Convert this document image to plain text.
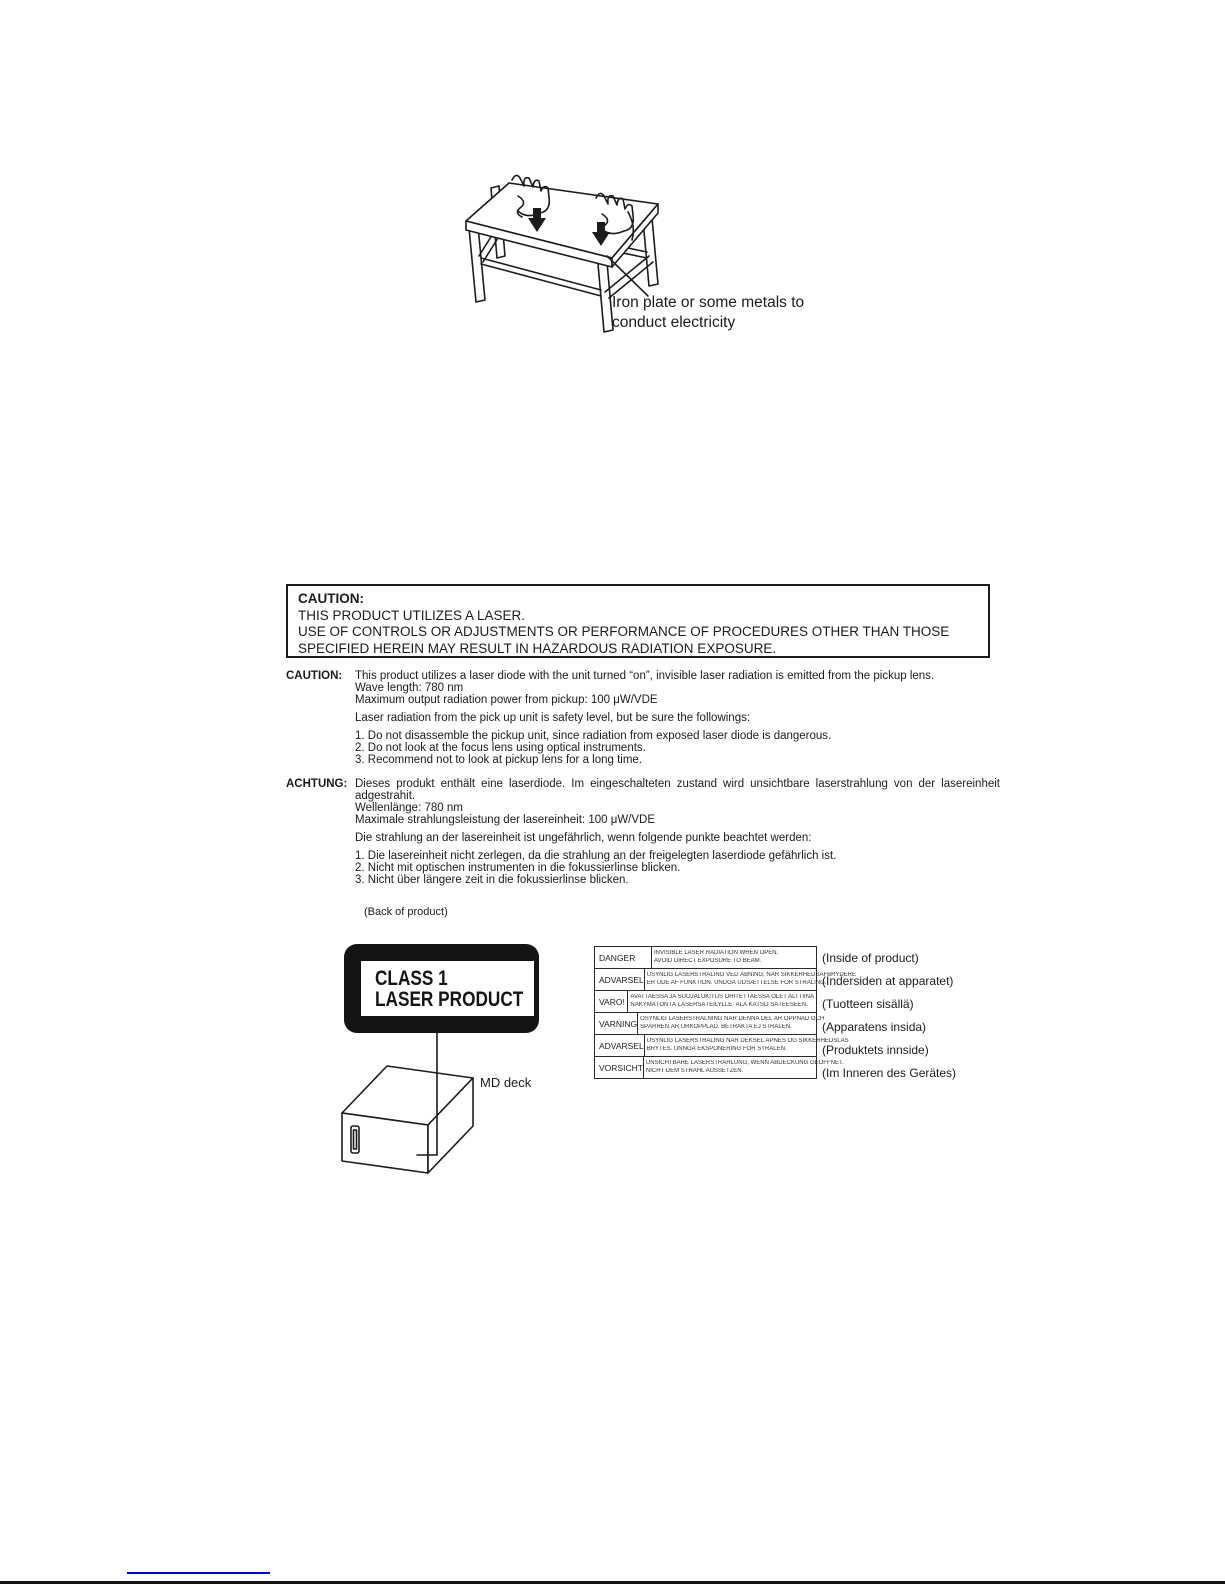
Iron plate or some metals to
conduct electricity
CAUTION:
THIS PRODUCT UTILIZES A LASER.
USE OF CONTROLS OR ADJUSTMENTS OR PERFORMANCE OF PROCEDURES OTHER THAN THOSE
SPECIFIED HEREIN MAY RESULT IN HAZARDOUS RADIATION EXPOSURE.
CAUTION: This product utilizes a laser diode with the unit turned “on”, invisible laser radiation is emitted from the pickup lens.
Wave length: 780 nm
Maximum output radiation power from pickup: 100 μW/VDE
Laser radiation from the pick up unit is safety level, but be sure the followings:
1. Do not disassemble the pickup unit, since radiation from exposed laser diode is dangerous.
2. Do not look at the focus lens using optical instruments.
3. Recommend not to look at pickup lens for a long time.
ACHTUNG: Dieses produkt enthält eine laserdiode. Im eingeschalteten zustand wird unsichtbare laserstrahlung von der lasereinheit
adgestrahit.
Wellenlänge: 780 nm
Maximale strahlungsleistung der lasereinheit: 100 μW/VDE
Die strahlung an der lasereinheit ist ungefährlich, wenn folgende punkte beachtet werden:
1. Die lasereinheit nicht zerlegen, da die strahlung an der freigelegten laserdiode gefährlich ist.
2. Nicht mit optischen instrumenten in die fokussierlinse blicken.
3. Nicht über längere zeit in die fokussierlinse blicken.
(Back of product)
CLASS 1
LASER PRODUCT
MD deck
DANGER	INVISIBLE LASER RADIATION WHEN OPEN.
AVOID DIRECT EXPOSURE TO BEAM.
ADVARSEL USYNLIG LASERSTRÅLING VED ÅBNING, NÅR SIKKERHEDSAFBRYDERE
ER UDE AF FUNKTION. UNDGÅ UDSÆTTELSE FOR STRÅLING.
VARO! AVATTAESSA JA SUOJALUKITUS OHITETTAESSA OLET ALTTIINA
NÄKYMÄTÖNTÄ LASERSÄTEILYLLE. ÄLÄ KATSO SÄTEESEEN.
VARNING OSYNLIG LASERSTRÅLNING NÄR DENNA DEL ÄR ÖPPNAD OCH
SPÄRREN ÄR URKOPPLAD. BETRAKTA EJ STRÅLEN.
ADVARSEL USYNLIG LASERSTRÅLING NÄR DEKSEL ÅPNES OG SIKKERHEDSLÅS
BRYTES. UNNGÅ EKSPONERING FOR STRÅLEN.
VORSICHT UNSICHTBARE LASERSTRAHLUNG, WENN ABDECKUNG GEÖFFNET.
NICHT DEM STRAHL AUSSETZEN.
(Inside of product)
(Indersiden at apparatet)
(Tuotteen sisällä)
(Apparatens insida)
(Produktets innside)
(Im Inneren des Gerätes)
